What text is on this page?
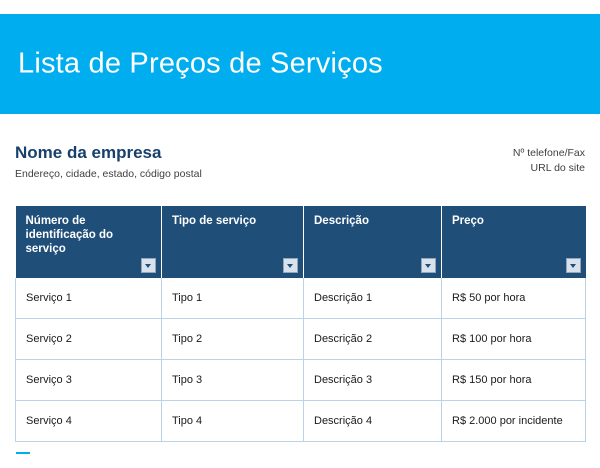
Lista de Preços de Serviços
Nome da empresa
Endereço, cidade, estado, código postal
Nº telefone/Fax
URL do site
Número de identificação do serviço	Tipo de serviço	Descrição	Preço

Serviço 1	Tipo 1	Descrição 1	R$ 50 por hora
Serviço 2	Tipo 2	Descrição 2	R$ 100 por hora
Serviço 3	Tipo 3	Descrição 3	R$ 150 por hora
Serviço 4	Tipo 4	Descrição 4	R$ 2.000 por incidente
